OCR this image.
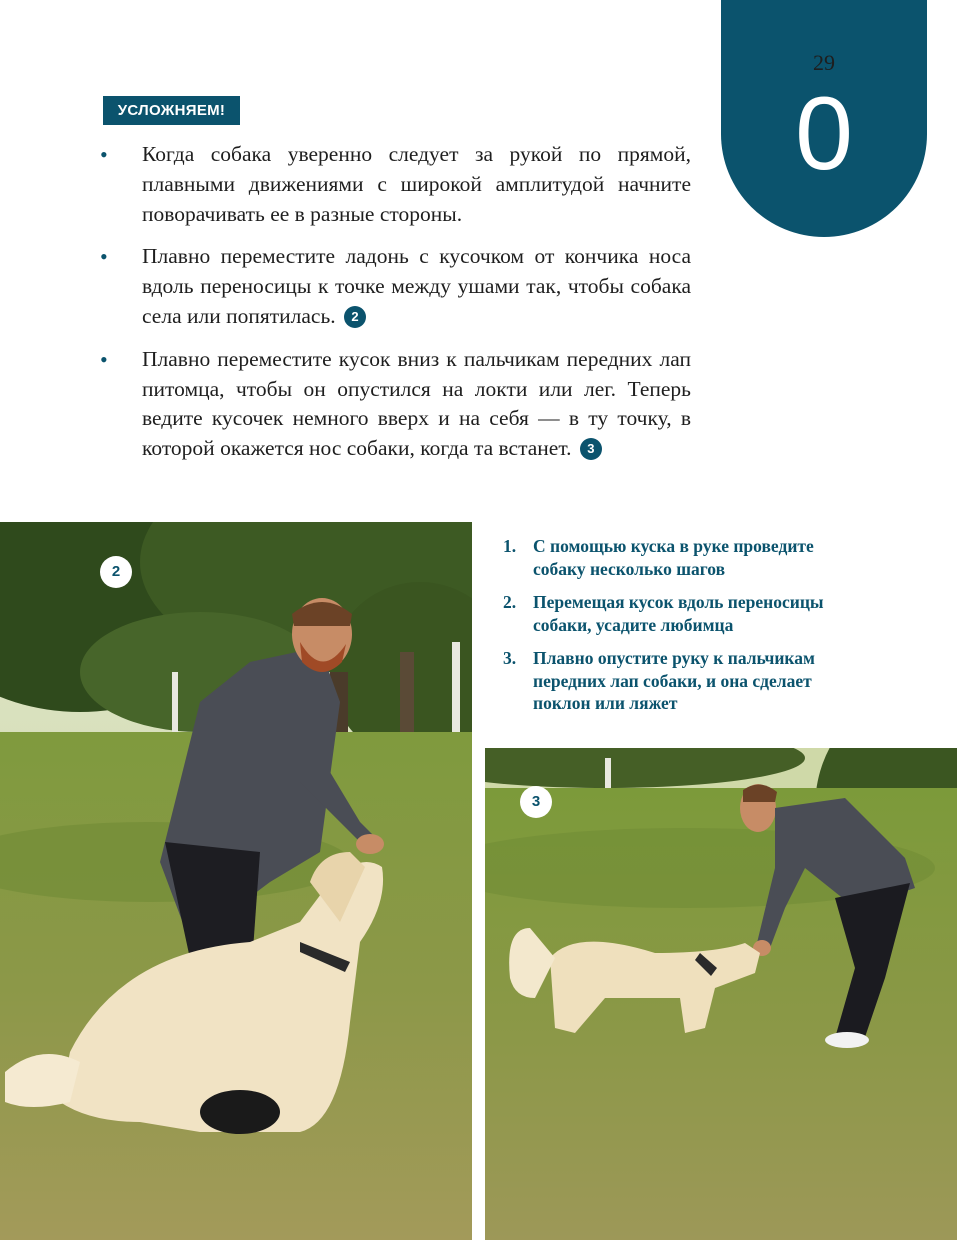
29
0
УСЛОЖНЯЕМ!
• Когда собака уверенно следует за рукой по прямой, плавными движениями с широкой амплитудой начните поворачивать ее в разные стороны.
• Плавно переместите ладонь с кусочком от кончика носа вдоль переносицы к точке между ушами так, чтобы собака села или попятилась. 2
• Плавно переместите кусок вниз к пальчикам передних лап питомца, чтобы он опустился на локти или лег. Теперь ведите кусочек немного вверх и на себя — в ту точку, в которой окажется нос собаки, когда та встанет. 3
2
1. С помощью куска в руке проведите собаку несколько шагов
2. Перемещая кусок вдоль переносицы собаки, усадите любимца
3. Плавно опустите руку к пальчикам передних лап собаки, и она сделает поклон или ляжет
3
